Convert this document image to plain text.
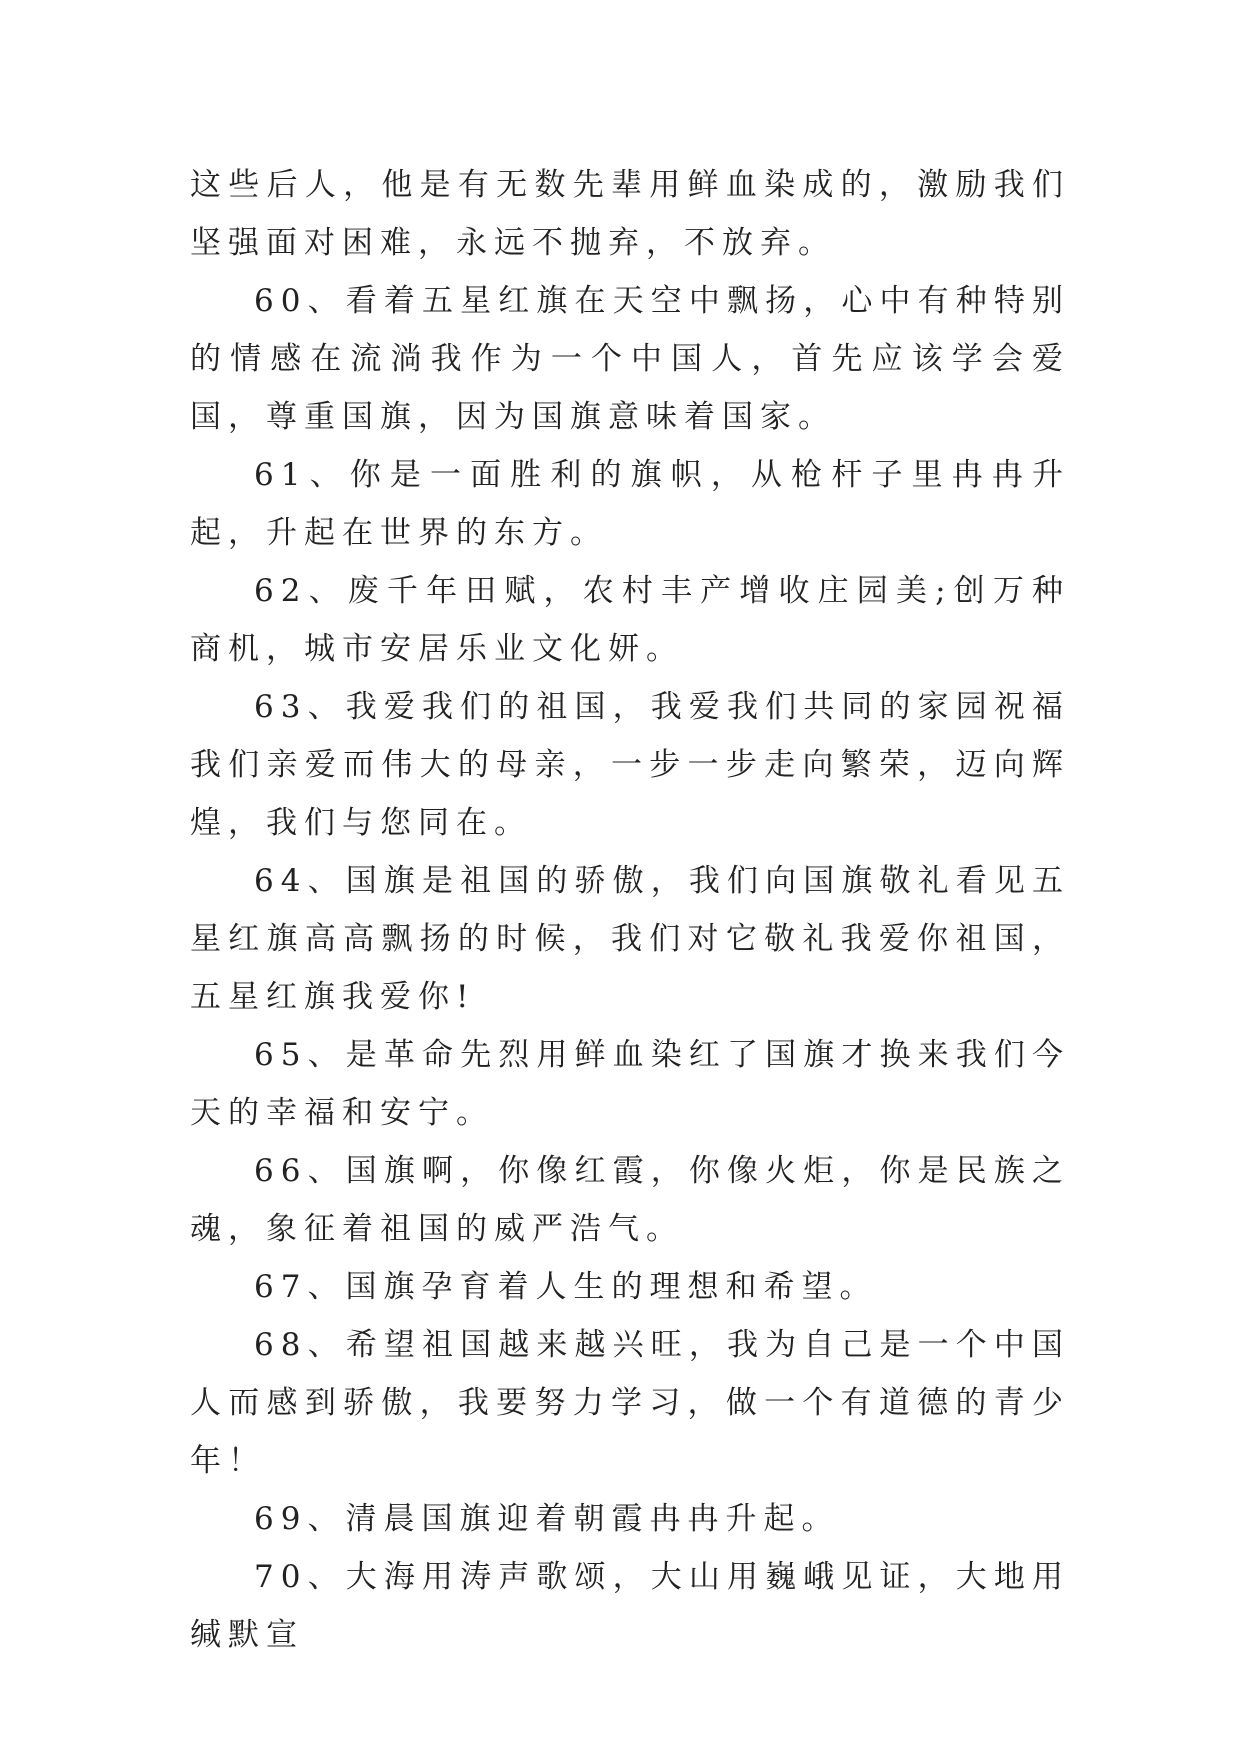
这些后人，他是有无数先辈用鲜血染成的，激励我们坚强面对困难，永远不抛弃，不放弃。

60、看着五星红旗在天空中飘扬，心中有种特别的情感在流淌我作为一个中国人，首先应该学会爱国，尊重国旗，因为国旗意味着国家。

61、你是一面胜利的旗帜，从枪杆子里冉冉升起，升起在世界的东方。

62、废千年田赋，农村丰产增收庄园美;创万种商机，城市安居乐业文化妍。

63、我爱我们的祖国，我爱我们共同的家园祝福我们亲爱而伟大的母亲，一步一步走向繁荣，迈向辉煌，我们与您同在。

64、国旗是祖国的骄傲，我们向国旗敬礼看见五星红旗高高飘扬的时候，我们对它敬礼我爱你祖国，五星红旗我爱你!

65、是革命先烈用鲜血染红了国旗才换来我们今天的幸福和安宁。

66、国旗啊，你像红霞，你像火炬，你是民族之魂，象征着祖国的威严浩气。

67、国旗孕育着人生的理想和希望。

68、希望祖国越来越兴旺，我为自己是一个中国人而感到骄傲，我要努力学习，做一个有道德的青少年！

69、清晨国旗迎着朝霞冉冉升起。

70、大海用涛声歌颂，大山用巍峨见证，大地用缄默宣
